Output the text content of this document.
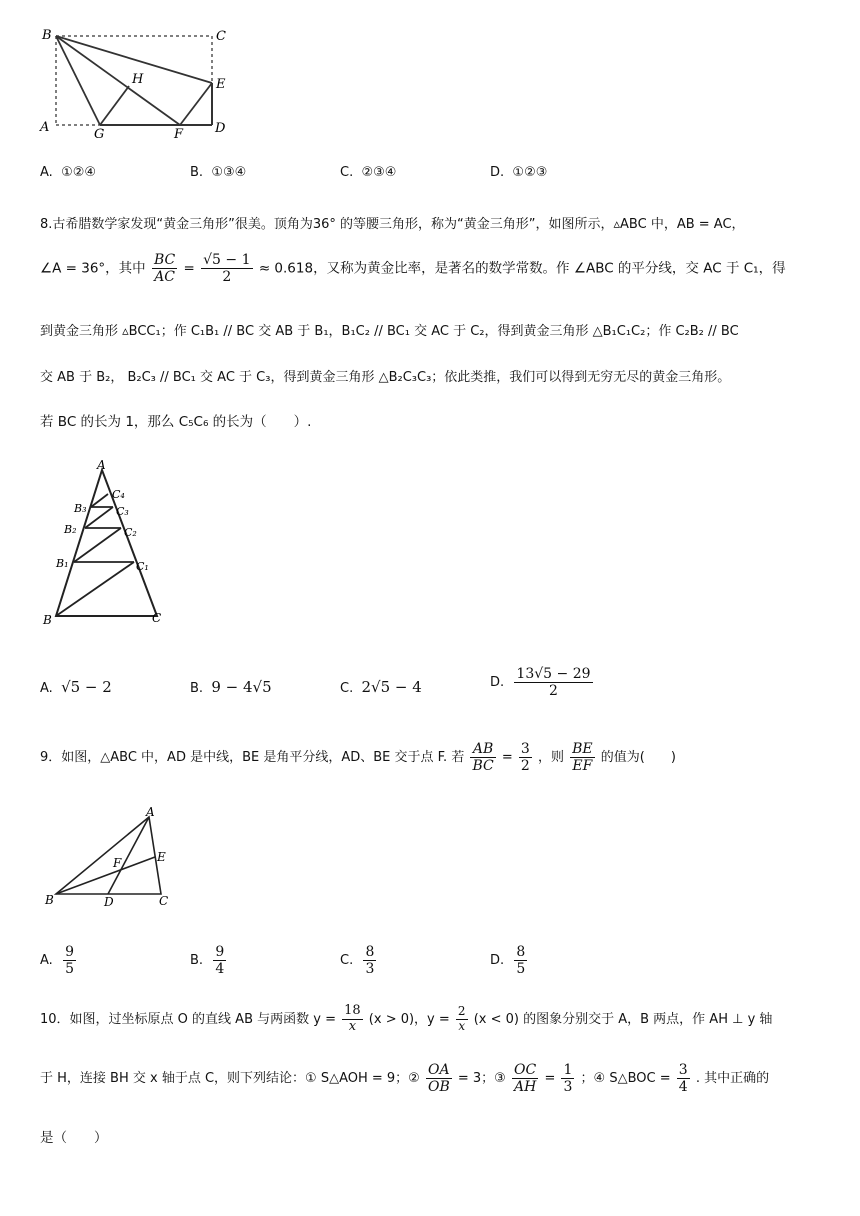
B	C
H	E
A	G	F D
A. ①②④	B. ①③④	C. ②③④	D. ①②③
8.古希腊数学家发现“黄金三角形”很美。顶角为36° 的等腰三角形，称为“黄金三角形”，如图所示，▵ABC 中，AB = AC，
∠A = 36°，其中 $\frac{BC}{AC} = \frac{√5 - 1}{2} \approx 0.618$，又称为黄金比率，是著名的数学常数。作 ∠ABC 的平分线，交 AC 于 C₁，得
到黄金三角形 ▵BCC₁；作 C₁B₁ // BC 交 AB 于 B₁，B₁C₂ // BC₁ 交 AC 于 C₂，得到黄金三角形 △B₁C₁C₂；作 C₂B₂ // BC
交 AB 于 B₂， B₂C₃ // BC₁ 交 AC 于 C₃，得到黄金三角形 △B₂C₃C₃；依此类推，我们可以得到无穷无尽的黄金三角形。
若 BC 的长为 1，那么 C₅C₆ 的长为（　　）.
A
C₄
B₃	C₃
B₂	C₂
B₁	C₁
B	C
A. √5 − 2	B. 9 − 4√5	C. 2√5 − 4	D. $\frac{13√5 - 29}{2}$
9．如图，△ABC 中，AD 是中线，BE 是角平分线，AD、BE 交于点 F. 若 $\frac{AB}{BC} = \frac{3}{2}$ ，则 $\frac{BE}{EF}$ 的值为(　　)
A
E
F
B	D	C
A. $\frac{9}{5}$	B. $\frac{9}{4}$	C. $\frac{8}{3}$	D. $\frac{8}{5}$
10．如图，过坐标原点 O 的直线 AB 与两函数 $y = \frac{18}{x} (x > 0)$，$y = \frac{2}{x} (x < 0)$ 的图象分别交于 A，B 两点，作 AH ⊥ y 轴
于 H，连接 BH 交 x 轴于点 C，则下列结论：① S△AOH = 9；② $\frac{OA}{OB} = 3$；③ $\frac{OC}{AH} = \frac{1}{3}$ ；④ S△BOC = $\frac{3}{4}$ . 其中正确的
是（　　）
